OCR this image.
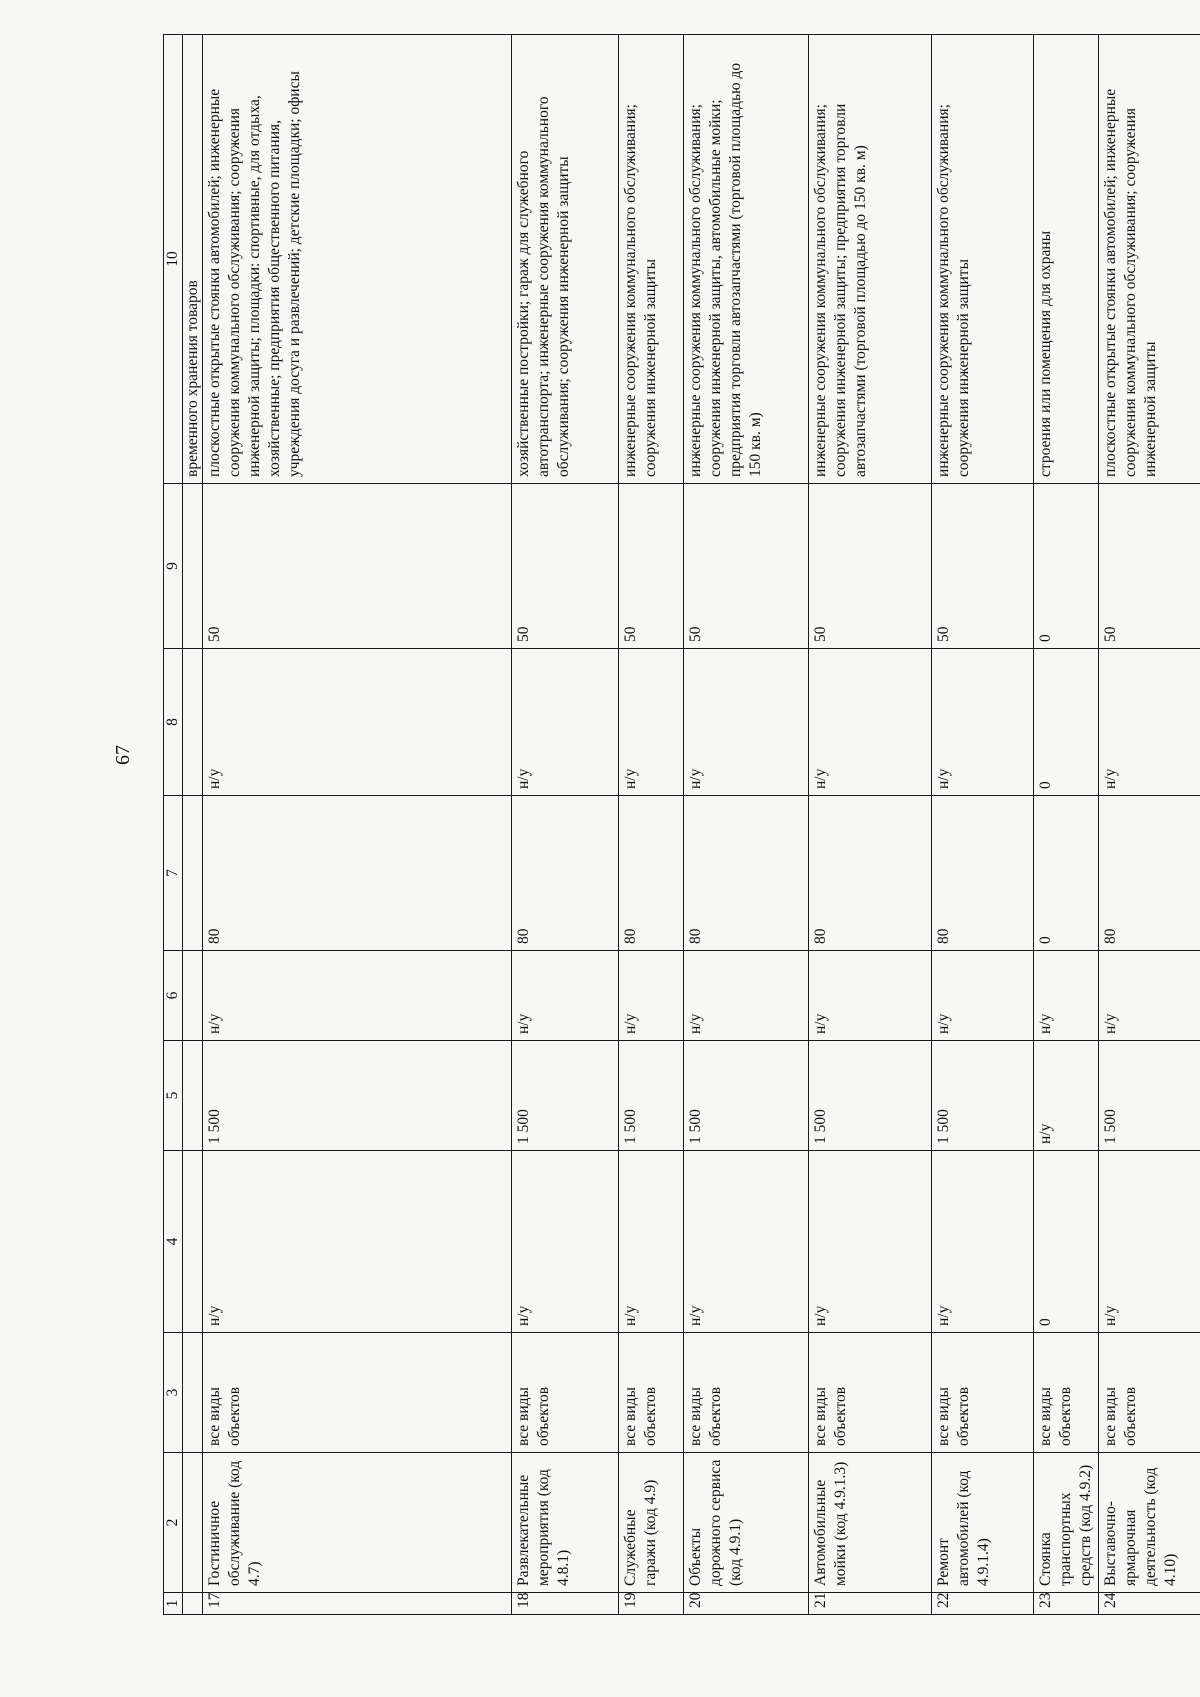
67
1	2	3	4	5	6	7	8	9	10
									временного хранения товаров
17	Гостиничное обслуживание (код 4.7)	все виды объектов	н/у	1 500	н/у	80	н/у	50	плоскостные открытые стоянки автомобилей; инженерные сооружения коммунального обслуживания; сооружения инженерной защиты; площадки: спортивные, для отдыха, хозяйственные; предприятия общественного питания, учреждения досуга и развлечений; детские площадки; офисы
18	Развлекательные мероприятия (код 4.8.1)	все виды объектов	н/у	1 500	н/у	80	н/у	50	хозяйственные постройки; гараж для служебного автотранспорта; инженерные сооружения коммунального обслуживания; сооружения инженерной защиты
19	Служебные гаражи (код 4.9)	все виды объектов	н/у	1 500	н/у	80	н/у	50	инженерные сооружения коммунального обслуживания; сооружения инженерной защиты
20	Объекты дорожного сервиса (код 4.9.1)	все виды объектов	н/у	1 500	н/у	80	н/у	50	инженерные сооружения коммунального обслуживания; сооружения инженерной защиты, автомобильные мойки; предприятия торговли автозапчастями (торговой площадью до 150 кв. м)
21	Автомобильные мойки (код 4.9.1.3)	все виды объектов	н/у	1 500	н/у	80	н/у	50	инженерные сооружения коммунального обслуживания; сооружения инженерной защиты; предприятия торговли автозапчастями (торговой площадью до 150 кв. м)
22	Ремонт автомобилей (код 4.9.1.4)	все виды объектов	н/у	1 500	н/у	80	н/у	50	инженерные сооружения коммунального обслуживания; сооружения инженерной защиты
23	Стоянка транспортных средств (код 4.9.2)	все виды объектов	0	н/у	н/у	0	0	0	строения или помещения для охраны
24	Выставочно-ярмарочная деятельность (код 4.10)	все виды объектов	н/у	1 500	н/у	80	н/у	50	плоскостные открытые стоянки автомобилей; инженерные сооружения коммунального обслуживания; сооружения инженерной защиты
